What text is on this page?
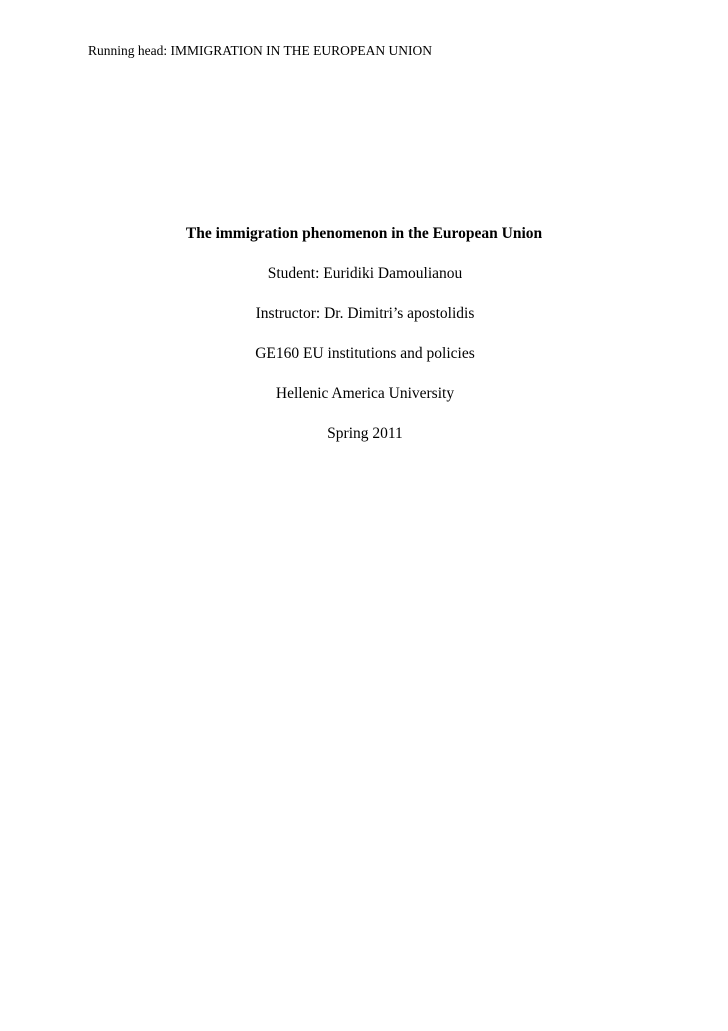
Running head: IMMIGRATION IN THE EUROPEAN UNION

The immigration phenomenon in the European Union

Student: Euridiki Damoulianou

Instructor: Dr. Dimitri’s apostolidis

GE160 EU institutions and policies

Hellenic America University

Spring 2011
